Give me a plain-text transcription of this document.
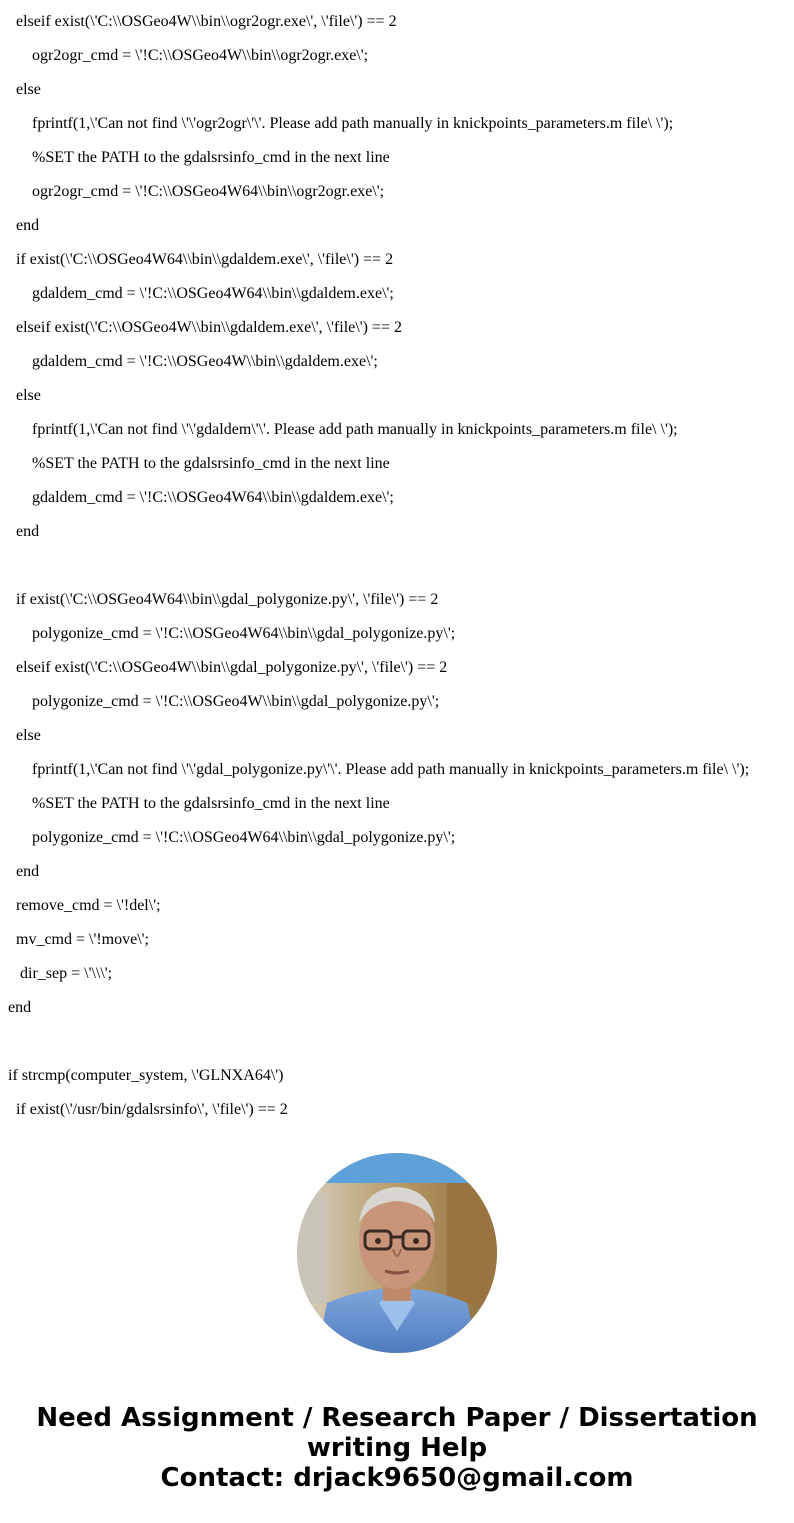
elseif exist(\'C:\\OSGeo4W\\bin\\ogr2ogr.exe\', \'file\') == 2
ogr2ogr_cmd = \'!C:\\OSGeo4W\\bin\\ogr2ogr.exe\';
else
fprintf(1,\'Can not find \'\'ogr2ogr\'\'. Please add path manually in knickpoints_parameters.m file\ \');
%SET the PATH to the gdalsrsinfo_cmd in the next line
ogr2ogr_cmd = \'!C:\\OSGeo4W64\\bin\\ogr2ogr.exe\';
end
if exist(\'C:\\OSGeo4W64\\bin\\gdaldem.exe\', \'file\') == 2
gdaldem_cmd = \'!C:\\OSGeo4W64\\bin\\gdaldem.exe\';
elseif exist(\'C:\\OSGeo4W\\bin\\gdaldem.exe\', \'file\') == 2
gdaldem_cmd = \'!C:\\OSGeo4W\\bin\\gdaldem.exe\';
else
fprintf(1,\'Can not find \'\'gdaldem\'\'. Please add path manually in knickpoints_parameters.m file\ \');
%SET the PATH to the gdalsrsinfo_cmd in the next line
gdaldem_cmd = \'!C:\\OSGeo4W64\\bin\\gdaldem.exe\';
end
if exist(\'C:\\OSGeo4W64\\bin\\gdal_polygonize.py\', \'file\') == 2
polygonize_cmd = \'!C:\\OSGeo4W64\\bin\\gdal_polygonize.py\';
elseif exist(\'C:\\OSGeo4W\\bin\\gdal_polygonize.py\', \'file\') == 2
polygonize_cmd = \'!C:\\OSGeo4W\\bin\\gdal_polygonize.py\';
else
fprintf(1,\'Can not find \'\'gdal_polygonize.py\'\'. Please add path manually in knickpoints_parameters.m file\ \');
%SET the PATH to the gdalsrsinfo_cmd in the next line
polygonize_cmd = \'!C:\\OSGeo4W64\\bin\\gdal_polygonize.py\';
end
remove_cmd = \'!del\';
mv_cmd = \'!move\';
dir_sep = \'\\\';
end
if strcmp(computer_system, \'GLNXA64\')
if exist(\'/usr/bin/gdalsrsinfo\', \'file\') == 2
Need Assignment / Research Paper / Dissertation
writing Help
Contact: drjack9650@gmail.com
